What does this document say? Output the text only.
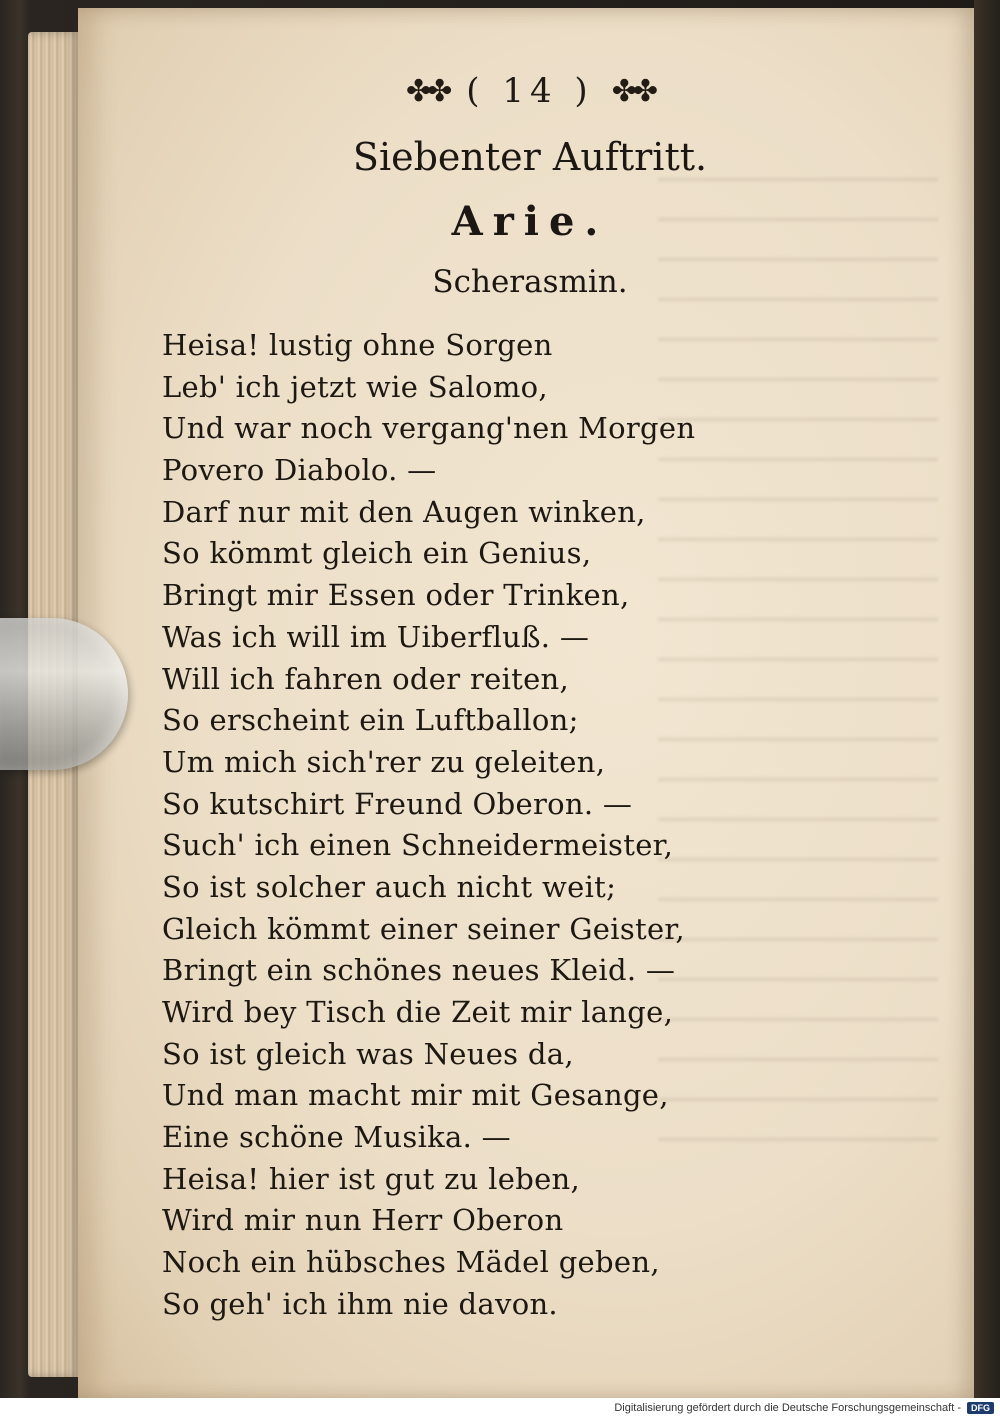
✤✤ ( 14 ) ✤✤
Siebenter Auftritt.
Arie.
Scherasmin.
Heisa! lustig ohne Sorgen
Leb' ich jetzt wie Salomo,
Und war noch vergang'nen Morgen
Povero Diabolo. —
Darf nur mit den Augen winken,
So kömmt gleich ein Genius,
Bringt mir Essen oder Trinken,
Was ich will im Uiberfluß. —
Will ich fahren oder reiten,
So erscheint ein Luftballon;
Um mich sich'rer zu geleiten,
So kutschirt Freund Oberon. —
Such' ich einen Schneidermeister,
So ist solcher auch nicht weit;
Gleich kömmt einer seiner Geister,
Bringt ein schönes neues Kleid. —
Wird bey Tisch die Zeit mir lange,
So ist gleich was Neues da,
Und man macht mir mit Gesange,
Eine schöne Musika. —
Heisa! hier ist gut zu leben,
Wird mir nun Herr Oberon
Noch ein hübsches Mädel geben,
So geh' ich ihm nie davon.
Digitalisierung gefördert durch die Deutsche Forschungsgemeinschaft -	DFG
